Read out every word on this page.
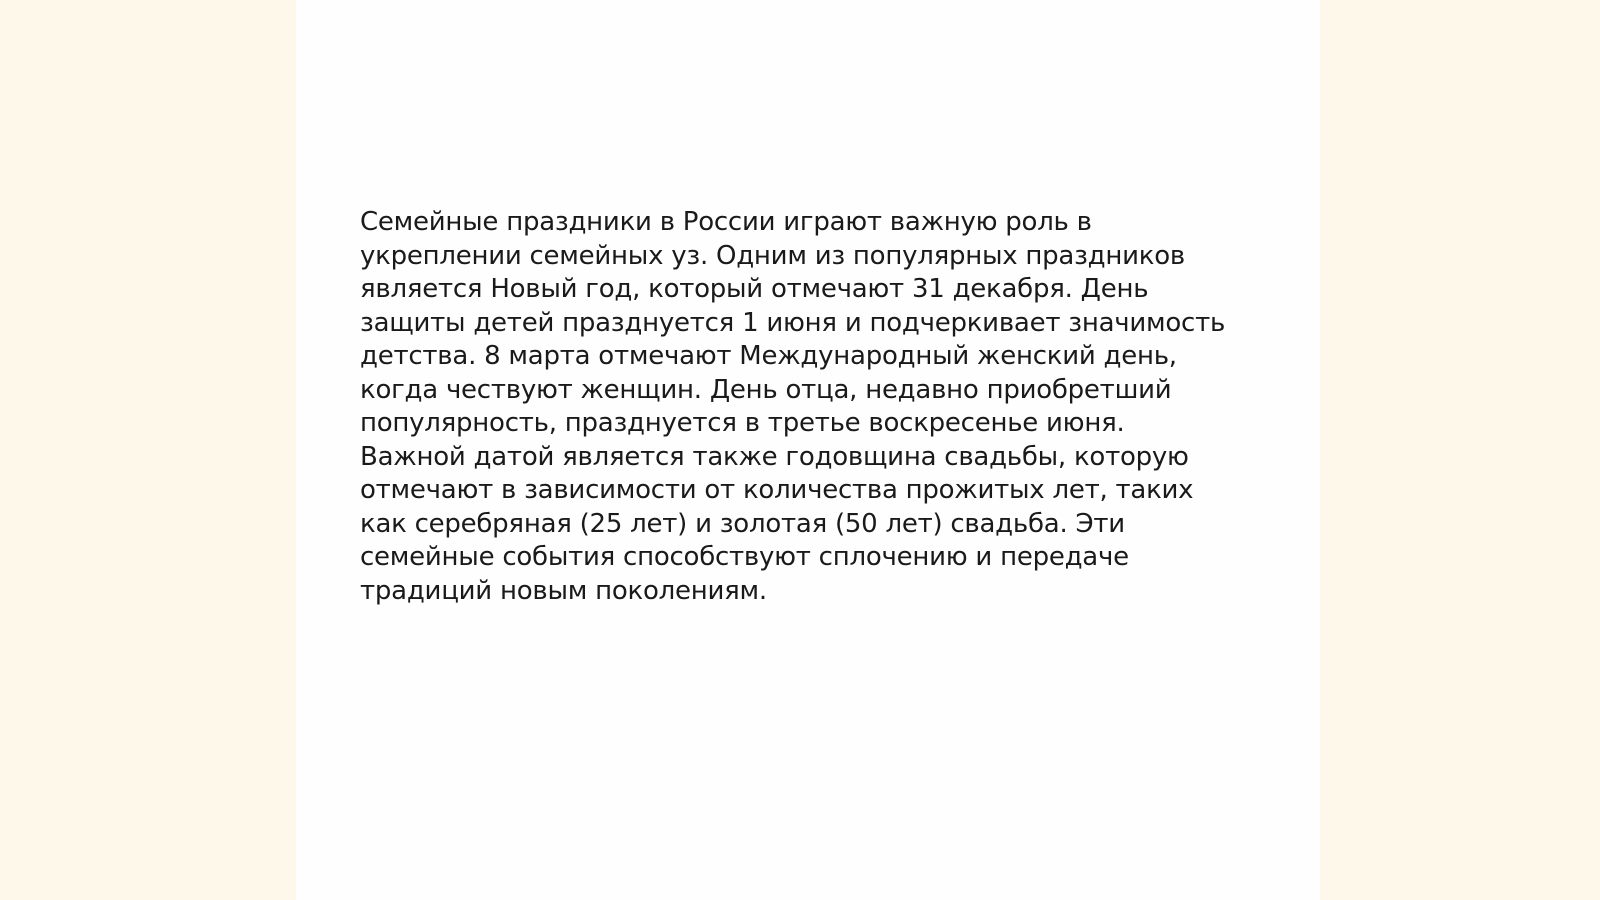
Семейные праздники в России играют важную роль в
укреплении семейных уз. Одним из популярных праздников
является Новый год, который отмечают 31 декабря. День
защиты детей празднуется 1 июня и подчеркивает значимость
детства. 8 марта отмечают Международный женский день,
когда чествуют женщин. День отца, недавно приобретший
популярность, празднуется в третье воскресенье июня.
Важной датой является также годовщина свадьбы, которую
отмечают в зависимости от количества прожитых лет, таких
как серебряная (25 лет) и золотая (50 лет) свадьба. Эти
семейные события способствуют сплочению и передаче
традиций новым поколениям.
